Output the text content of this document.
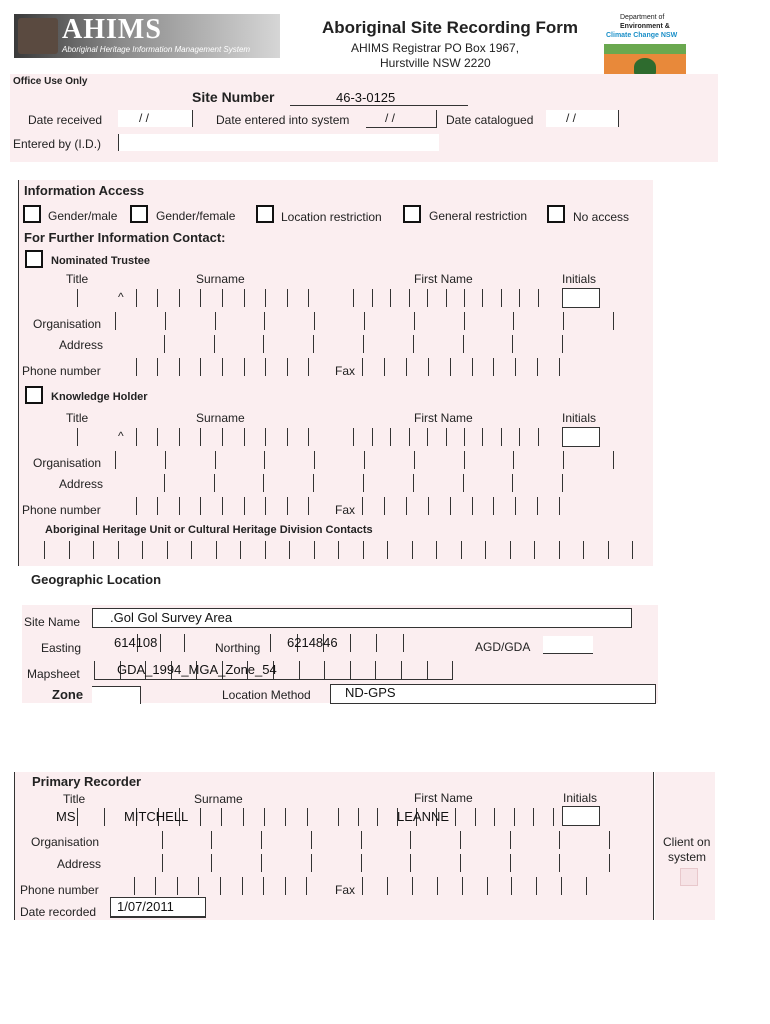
AHIMS
Aboriginal Heritage Information Management System
Aboriginal Site Recording Form
AHIMS Registrar PO Box 1967,
Hurstville NSW 2220
Department of
Environment &
Climate Change NSW
Office Use Only
Site Number	46-3-0125
Date received	/ /	Date entered into system	/ /	Date catalogued	/ /
Entered by (I.D.)
Information Access
Gender/male	Gender/female	Location restriction	General restriction	No access
For Further Information Contact:
Nominated Trustee
Title	Surname	First Name	Initials
^
Organisation
Address
Phone number	Fax
Knowledge Holder
Title	Surname	First Name	Initials
^
Organisation
Address
Phone number	Fax
Aboriginal Heritage Unit or Cultural Heritage Division Contacts
Geographic Location
Site Name .Gol Gol Survey Area
Easting	614108	Northing 6214846	AGD/GDA
Mapsheet	GDA_1994_MGA_Zone_54
Zone	Location Method	ND-GPS
Primary Recorder
Title	Surname	First Name	Initials
MS	MITCHELL	LEANNE
Organisation
Address
Phone number	Fax
Date recorded 1/07/2011
Client on
system
